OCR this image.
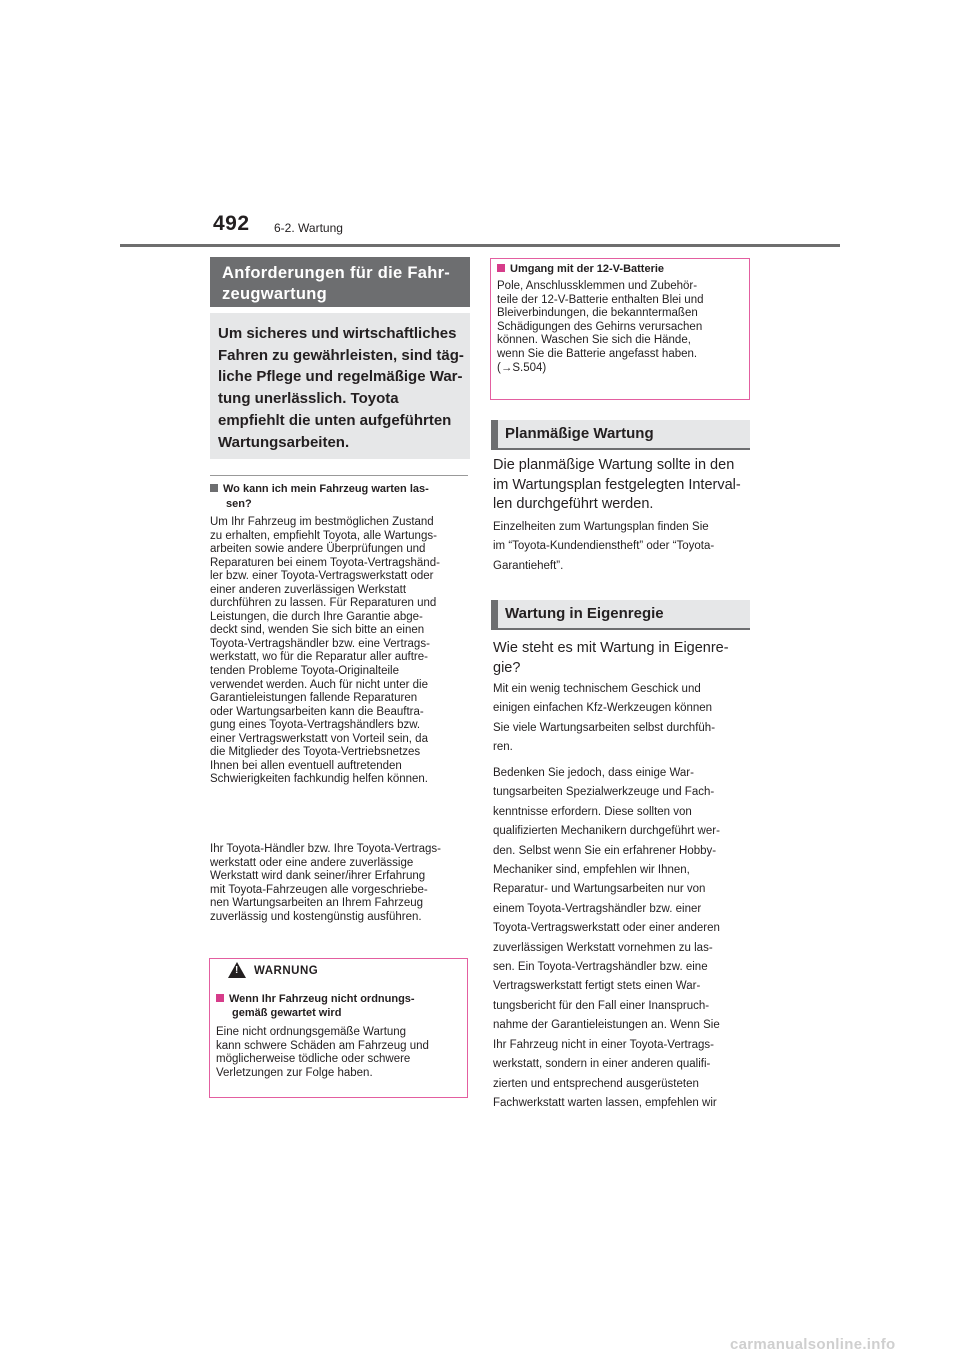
492 6-2. Wartung
Anforderungen für die Fahr-
zeugwartung
Um sicheres und wirtschaftliches
Fahren zu gewährleisten, sind täg-
liche Pflege und regelmäßige War-
tung unerlässlich. Toyota
empfiehlt die unten aufgeführten
Wartungsarbeiten.
Wo kann ich mein Fahrzeug warten las-
sen?
Um Ihr Fahrzeug im bestmöglichen Zustand
zu erhalten, empfiehlt Toyota, alle Wartungs-
arbeiten sowie andere Überprüfungen und
Reparaturen bei einem Toyota-Vertragshänd-
ler bzw. einer Toyota-Vertragswerkstatt oder
einer anderen zuverlässigen Werkstatt
durchführen zu lassen. Für Reparaturen und
Leistungen, die durch Ihre Garantie abge-
deckt sind, wenden Sie sich bitte an einen
Toyota-Vertragshändler bzw. eine Vertrags-
werkstatt, wo für die Reparatur aller auftre-
tenden Probleme Toyota-Originalteile
verwendet werden. Auch für nicht unter die
Garantieleistungen fallende Reparaturen
oder Wartungsarbeiten kann die Beauftra-
gung eines Toyota-Vertragshändlers bzw.
einer Vertragswerkstatt von Vorteil sein, da
die Mitglieder des Toyota-Vertriebsnetzes
Ihnen bei allen eventuell auftretenden
Schwierigkeiten fachkundig helfen können.
Ihr Toyota-Händler bzw. Ihre Toyota-Vertrags-
werkstatt oder eine andere zuverlässige
Werkstatt wird dank seiner/ihrer Erfahrung
mit Toyota-Fahrzeugen alle vorgeschriebe-
nen Wartungsarbeiten an Ihrem Fahrzeug
zuverlässig und kostengünstig ausführen.
!
WARNUNG
Wenn Ihr Fahrzeug nicht ordnungs-
gemäß gewartet wird
Eine nicht ordnungsgemäße Wartung
kann schwere Schäden am Fahrzeug und
möglicherweise tödliche oder schwere
Verletzungen zur Folge haben.
Umgang mit der 12-V-Batterie
Pole, Anschlussklemmen und Zubehör-
teile der 12-V-Batterie enthalten Blei und
Bleiverbindungen, die bekanntermaßen
Schädigungen des Gehirns verursachen
können. Waschen Sie sich die Hände,
wenn Sie die Batterie angefasst haben.
(→S.504)
Planmäßige Wartung
Die planmäßige Wartung sollte in den
im Wartungsplan festgelegten Interval-
len durchgeführt werden.
Einzelheiten zum Wartungsplan finden Sie
im “Toyota-Kundendienstheft” oder “Toyota-
Garantieheft”.
Wartung in Eigenregie
Wie steht es mit Wartung in Eigenre-
gie?
Mit ein wenig technischem Geschick und
einigen einfachen Kfz-Werkzeugen können
Sie viele Wartungsarbeiten selbst durchfüh-
ren.
Bedenken Sie jedoch, dass einige War-
tungsarbeiten Spezialwerkzeuge und Fach-
kenntnisse erfordern. Diese sollten von
qualifizierten Mechanikern durchgeführt wer-
den. Selbst wenn Sie ein erfahrener Hobby-
Mechaniker sind, empfehlen wir Ihnen,
Reparatur- und Wartungsarbeiten nur von
einem Toyota-Vertragshändler bzw. einer
Toyota-Vertragswerkstatt oder einer anderen
zuverlässigen Werkstatt vornehmen zu las-
sen. Ein Toyota-Vertragshändler bzw. eine
Vertragswerkstatt fertigt stets einen War-
tungsbericht für den Fall einer Inanspruch-
nahme der Garantieleistungen an. Wenn Sie
Ihr Fahrzeug nicht in einer Toyota-Vertrags-
werkstatt, sondern in einer anderen qualifi-
zierten und entsprechend ausgerüsteten
Fachwerkstatt warten lassen, empfehlen wir
carmanualsonline.info
